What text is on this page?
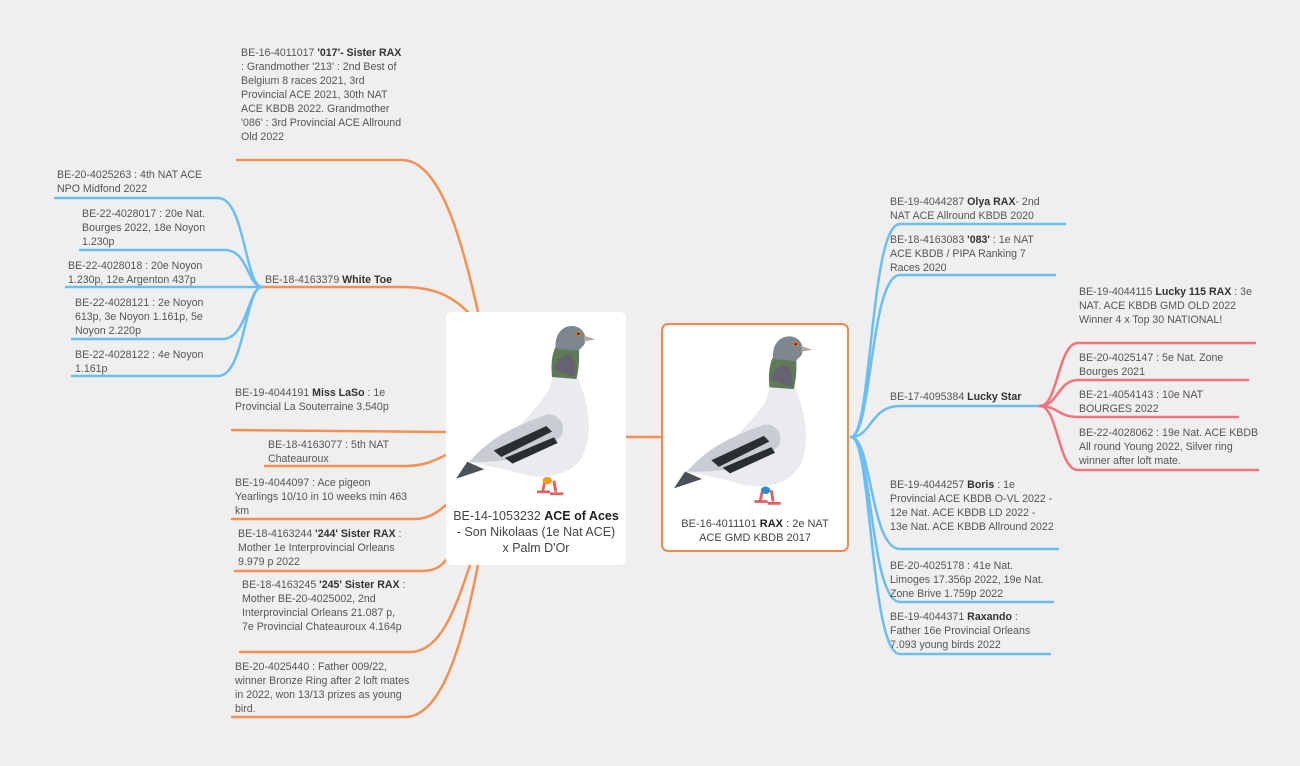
BE-14-1053232 ACE of Aces - Son Nikolaas (1e Nat ACE) x Palm D'Or
BE-16-4011101 RAX : 2e NAT ACE GMD KBDB 2017
BE-16-4011017 '017'- Sister RAX : Grandmother '213' : 2nd Best of Belgium 8 races 2021, 3rd Provincial ACE 2021, 30th NAT ACE KBDB 2022. Grandmother '086' : 3rd Provincial ACE Allround Old 2022
BE-18-4163379 White Toe
BE-19-4044191 Miss LaSo : 1e Provincial La Souterraine 3.540p
BE-18-4163077 : 5th NAT Chateauroux
BE-19-4044097 : Ace pigeon Yearlings 10/10 in 10 weeks min 463 km
BE-18-4163244 '244' Sister RAX : Mother 1e Interprovincial Orleans 9.979 p 2022
BE-18-4163245 '245' Sister RAX : Mother BE-20-4025002, 2nd Interprovincial Orleans 21.087 p, 7e Provincial Chateauroux 4.164p
BE-20-4025440 : Father 009/22, winner Bronze Ring after 2 loft mates in 2022, won 13/13 prizes as young bird.
BE-20-4025263 : 4th NAT ACE NPO Midfond 2022
BE-22-4028017 : 20e Nat. Bourges 2022, 18e Noyon 1.230p
BE-22-4028018 : 20e Noyon 1.230p, 12e Argenton 437p
BE-22-4028121 : 2e Noyon 613p, 3e Noyon 1.161p, 5e Noyon 2.220p
BE-22-4028122 : 4e Noyon 1.161p
BE-19-4044287 Olya RAX- 2nd NAT ACE Allround KBDB 2020
BE-18-4163083 '083' : 1e NAT ACE KBDB / PIPA Ranking 7 Races 2020
BE-17-4095384 Lucky Star
BE-19-4044257 Boris : 1e Provincial ACE KBDB O-VL 2022 - 12e Nat. ACE KBDB LD 2022 - 13e Nat. ACE KBDB Allround 2022
BE-20-4025178 : 41e Nat. Limoges 17.356p 2022, 19e Nat. Zone Brive 1.759p 2022
BE-19-4044371 Raxando : Father 16e Provincial Orleans 7.093 young birds 2022
BE-19-4044115 Lucky 115 RAX : 3e NAT. ACE KBDB GMD OLD 2022 Winner 4 x Top 30 NATIONAL!
BE-20-4025147 : 5e Nat. Zone Bourges 2021
BE-21-4054143 : 10e NAT BOURGES 2022
BE-22-4028062 : 19e Nat. ACE KBDB All round Young 2022, Silver ring winner after loft mate.
